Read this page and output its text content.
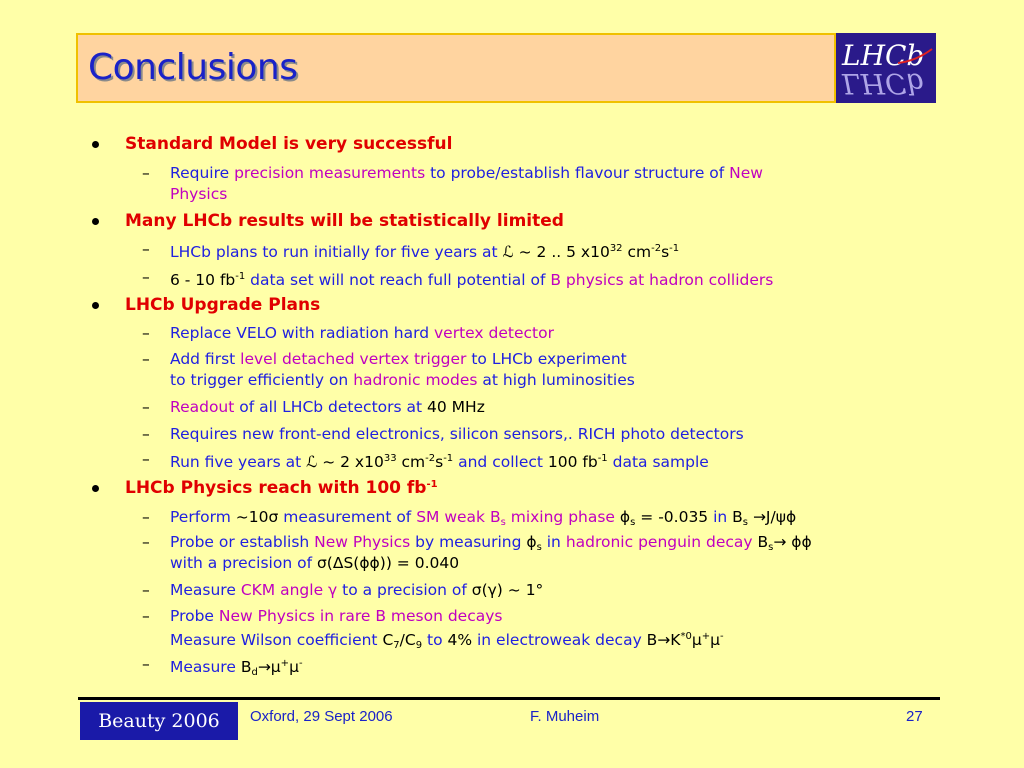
Conclusions	LHCb
LHCb
Standard Model is very successful
– Require precision measurements to probe/establish flavour structure of New
Physics
Many LHCb results will be statistically limited
– LHCb plans to run initially for five years at ℒ ~ 2 .. 5 $x10^{32}$ $cm^{-2}s^{-1}$
– 6 - 10 $fb^{-1}$ data set will not reach full potential of B physics at hadron colliders
LHCb Upgrade Plans
– Replace VELO with radiation hard vertex detector
– Add first level detached vertex trigger to LHCb experiment
to trigger efficiently on hadronic modes at high luminosities
– Readout of all LHCb detectors at 40 MHz
– Requires new front-end electronics, silicon sensors,. RICH photo detectors
– Run five years at ℒ ~ 2 $x10^{33}$ $cm^{-2}s^{-1}$ and collect 100 $fb^{-1}$ data sample
LHCb Physics reach with 100 $fb^{-1}$
– Perform ~10σ measurement of SM weak $B_s$ mixing phase $\phi_s = -0.035$ in $B_s \to J/\psi\phi$
– Probe or establish New Physics by measuring $\phi_s$ in hadronic penguin decay $B_s\to \phi\phi$
with a precision of σ(ΔS(ϕϕ)) = 0.040
– Measure CKM angle γ to a precision of σ(γ) ~ 1°
– Probe New Physics in rare B meson decays
Measure Wilson coefficient $C_7/C_9$ to 4% in electroweak decay $B\to K^{*0}\mu^+\mu^-$
– Measure $B_d\to\mu^+\mu^-$
Beauty 2006	Oxford, 29 Sept 2006	F. Muheim	27
